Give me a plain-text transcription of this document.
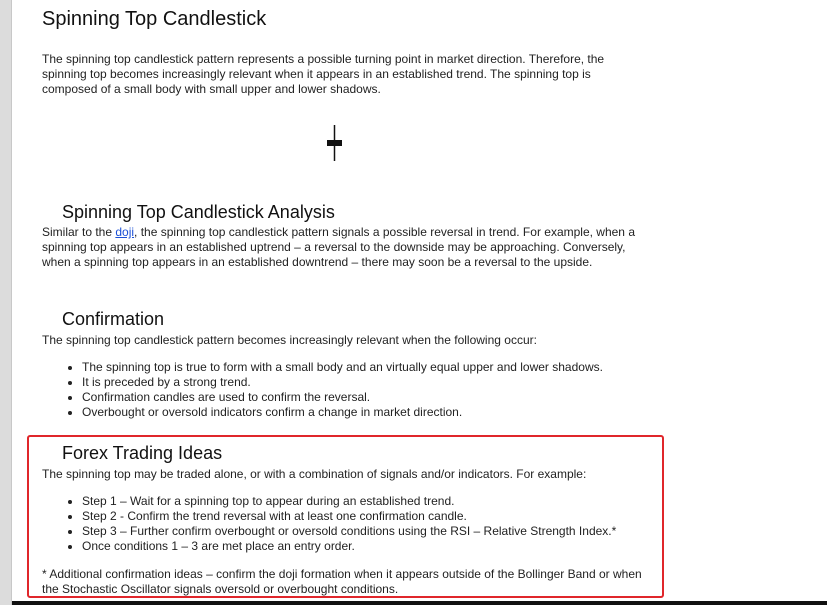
Spinning Top Candlestick

The spinning top candlestick pattern represents a possible turning point in market direction. Therefore, the spinning top becomes increasingly relevant when it appears in an established trend. The spinning top is composed of a small body with small upper and lower shadows.

Spinning Top Candlestick Analysis

Similar to the doji, the spinning top candlestick pattern signals a possible reversal in trend. For example, when a spinning top appears in an established uptrend – a reversal to the downside may be approaching. Conversely, when a spinning top appears in an established downtrend – there may soon be a reversal to the upside.

Confirmation

The spinning top candlestick pattern becomes increasingly relevant when the following occur:

• The spinning top is true to form with a small body and an virtually equal upper and lower shadows.
• It is preceded by a strong trend.
• Confirmation candles are used to confirm the reversal.
• Overbought or oversold indicators confirm a change in market direction.
Forex Trading Ideas

The spinning top may be traded alone, or with a combination of signals and/or indicators. For example:

• Step 1 – Wait for a spinning top to appear during an established trend.
• Step 2 - Confirm the trend reversal with at least one confirmation candle.
• Step 3 – Further confirm overbought or oversold conditions using the RSI – Relative Strength Index.*
• Once conditions 1 – 3 are met place an entry order.

* Additional confirmation ideas – confirm the doji formation when it appears outside of the Bollinger Band or when the Stochastic Oscillator signals oversold or overbought conditions.
